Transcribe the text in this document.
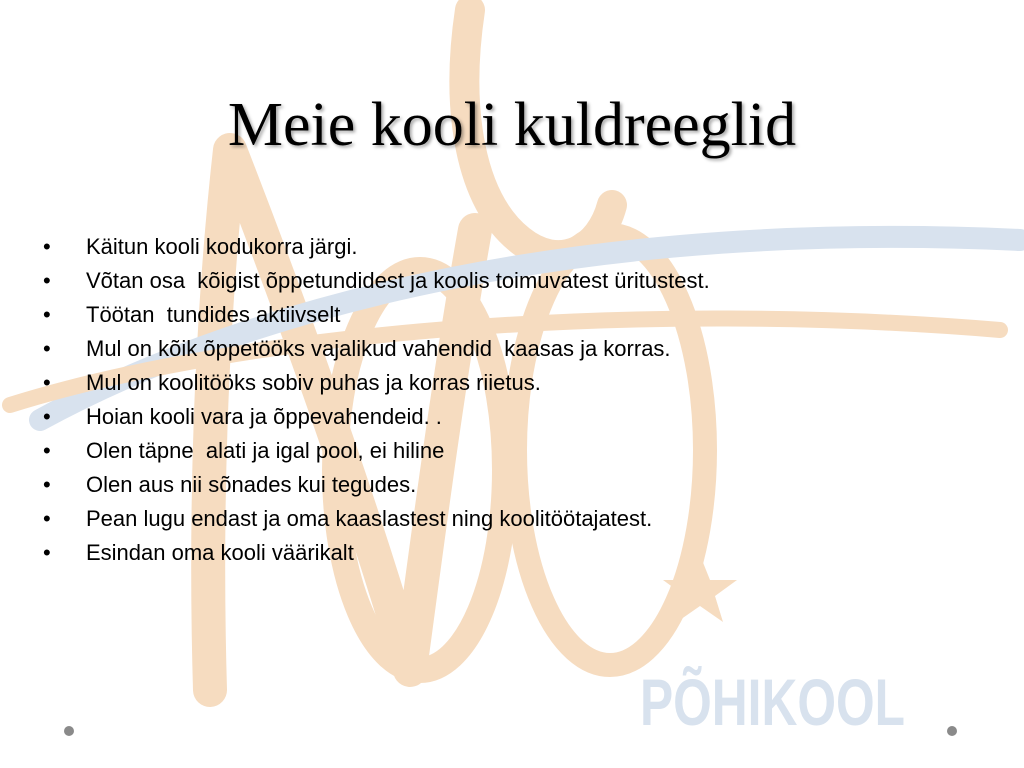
PÕHIKOOL
Meie kooli kuldreeglid
•	Käitun kooli kodukorra järgi.
•	Võtan osa  kõigist õppetundidest ja koolis toimuvatest üritustest.
•	Töötan  tundides aktiivselt
•	Mul on kõik õppetööks vajalikud vahendid  kaasas ja korras.
•	Mul on koolitööks sobiv puhas ja korras riietus.
•	Hoian kooli vara ja õppevahendeid. .
•	Olen täpne  alati ja igal pool, ei hiline
•	Olen aus nii sõnades kui tegudes.
•	Pean lugu endast ja oma kaaslastest ning koolitöötajatest.
•	Esindan oma kooli väärikalt
